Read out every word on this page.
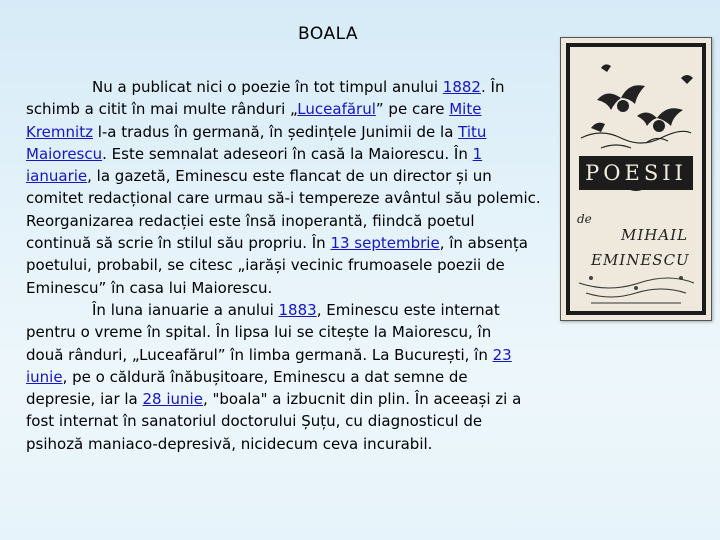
BOALA
Nu a publicat nici o poezie în tot timpul anului 1882. În
schimb a citit în mai multe rânduri „Luceafărul” pe care Mite
Kremnitz l-a tradus în germană, în ședințele Junimii de la Titu
Maiorescu. Este semnalat adeseori în casă la Maiorescu. În 1
ianuarie, la gazetă, Eminescu este flancat de un director și un
comitet redacțional care urmau să-i tempereze avântul său polemic.
Reorganizarea redacției este însă inoperantă, fiindcă poetul
continuă să scrie în stilul său propriu. În 13 septembrie, în absența
poetului, probabil, se citesc „iarăși vecinic frumoasele poezii de
Eminescu” în casa lui Maiorescu.
În luna ianuarie a anului 1883, Eminescu este internat
pentru o vreme în spital. În lipsa lui se citește la Maiorescu, în
două rânduri, „Luceafărul” în limba germană. La București, în 23
iunie, pe o căldură înăbușitoare, Eminescu a dat semne de
depresie, iar la 28 iunie, "boala" a izbucnit din plin. În aceeași zi a
fost internat în sanatoriul doctorului Șuțu, cu diagnosticul de
psihoză maniaco-depresivă, nicidecum ceva incurabil.
POESII
de
MIHAIL
EMINESCU
